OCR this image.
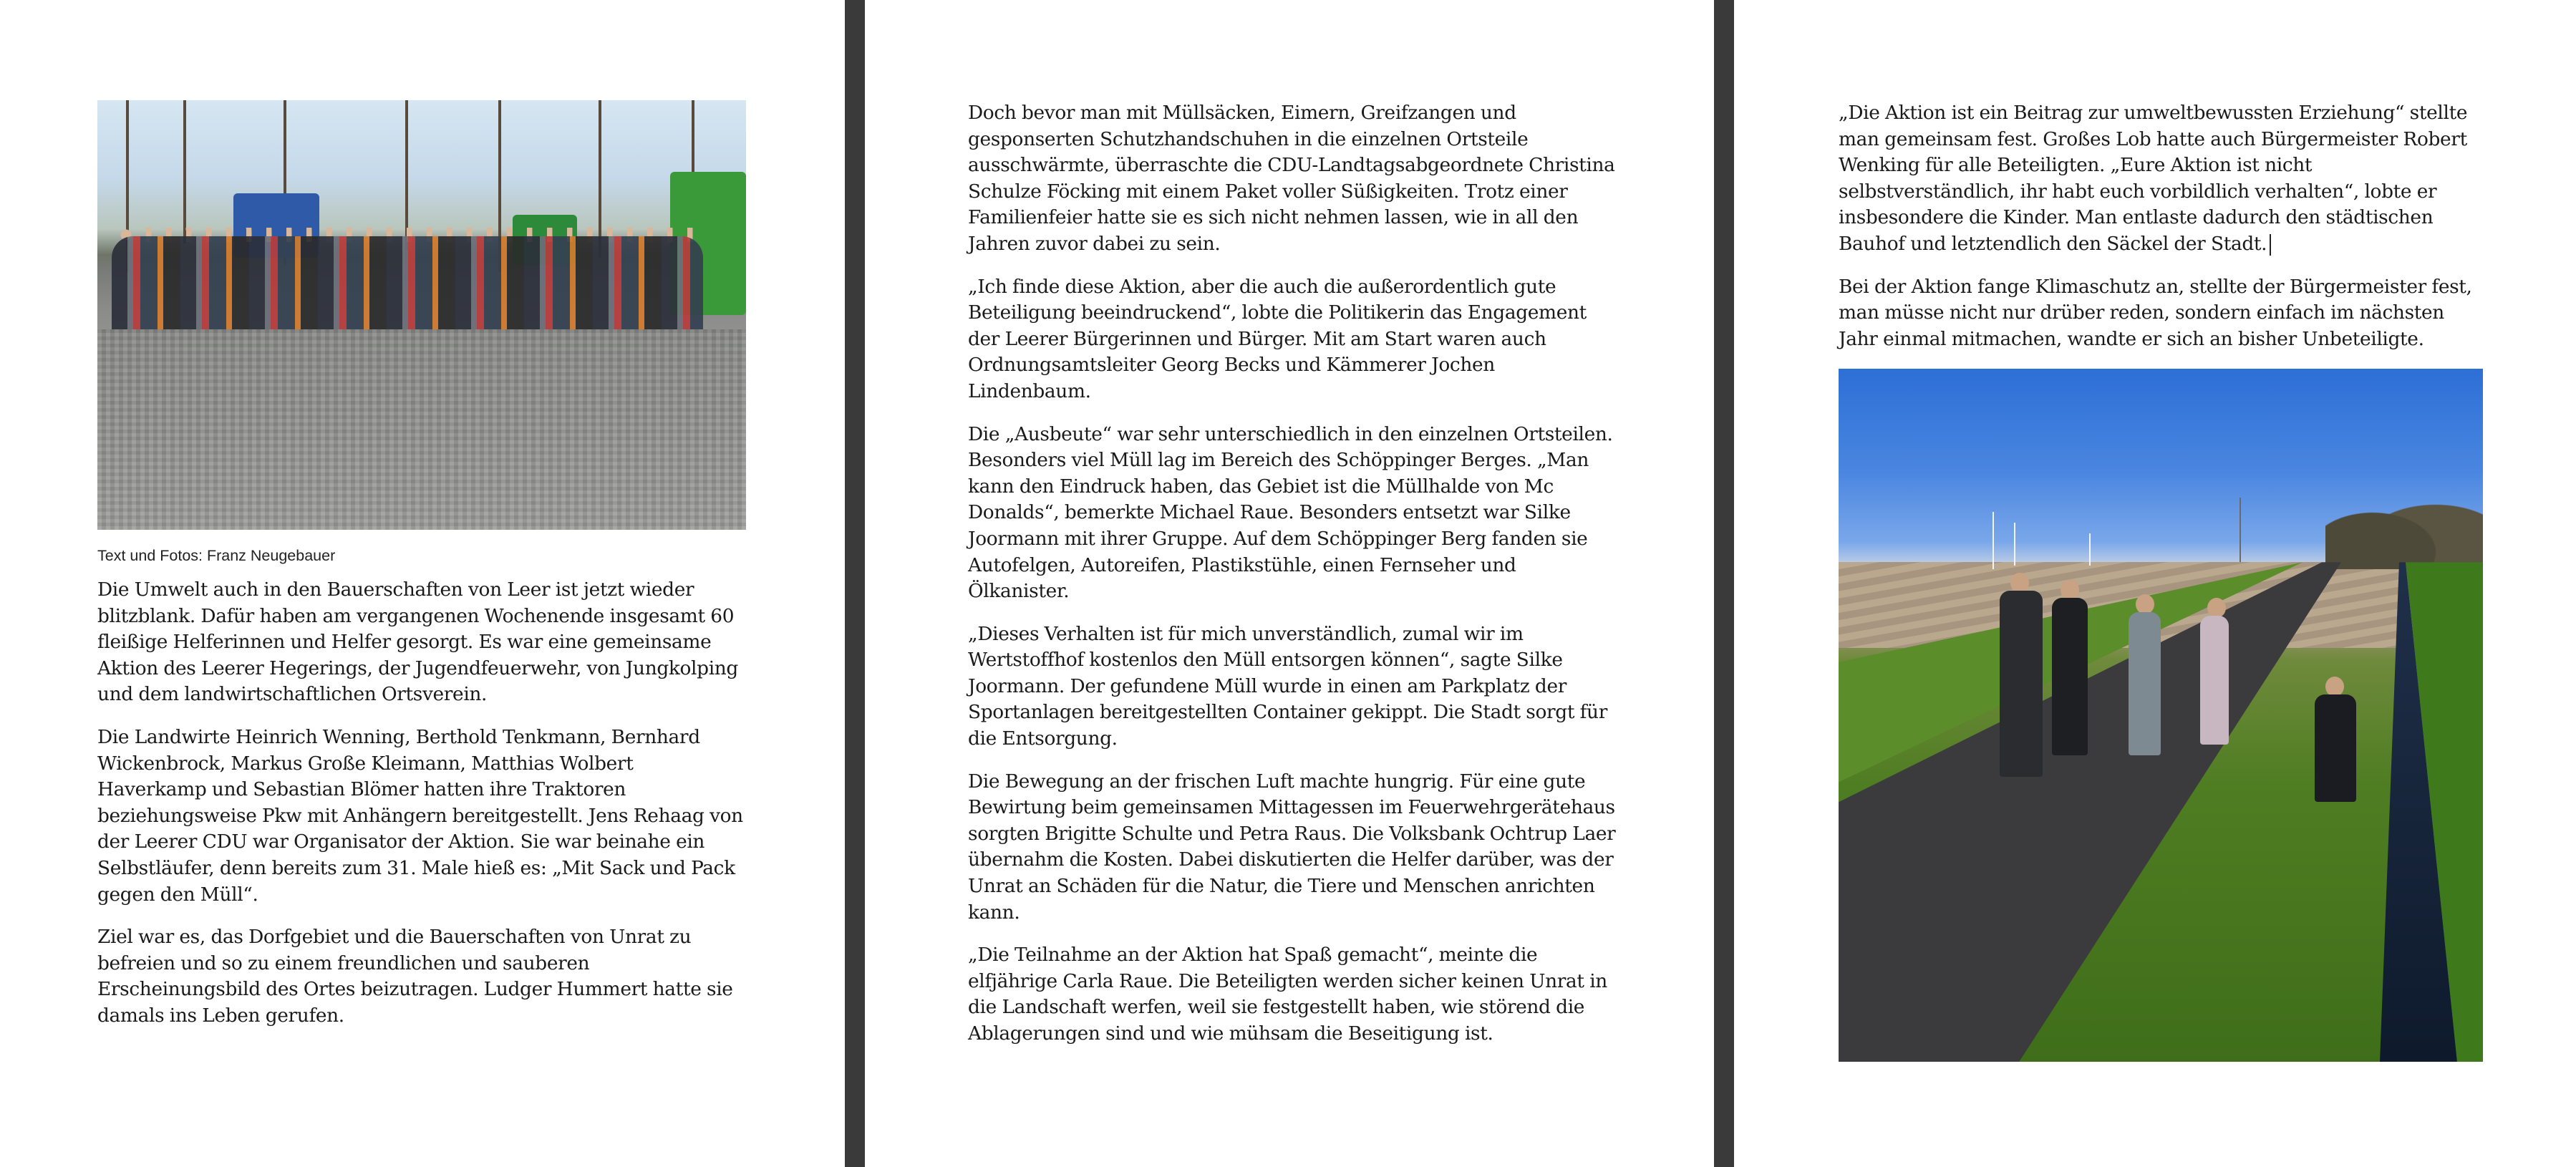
Text und Fotos: Franz Neugebauer

Die Umwelt auch in den Bauerschaften von Leer ist jetzt wieder blitzblank. Dafür haben am vergangenen Wochenende insgesamt 60 fleißige Helferinnen und Helfer gesorgt. Es war eine gemeinsame Aktion des Leerer Hegerings, der Jugendfeuerwehr, von Jungkolping und dem landwirtschaftlichen Ortsverein.

Die Landwirte Heinrich Wenning, Berthold Tenkmann, Bernhard Wickenbrock, Markus Große Kleimann, Matthias Wolbert Haverkamp und Sebastian Blömer hatten ihre Traktoren beziehungsweise Pkw mit Anhängern bereitgestellt. Jens Rehaag von der Leerer CDU war Organisator der Aktion. Sie war beinahe ein Selbstläufer, denn bereits zum 31. Male hieß es: „Mit Sack und Pack gegen den Müll“.

Ziel war es, das Dorfgebiet und die Bauerschaften von Unrat zu befreien und so zu einem freundlichen und sauberen Erscheinungsbild des Ortes beizutragen. Ludger Hummert hatte sie damals ins Leben gerufen.

Doch bevor man mit Müllsäcken, Eimern, Greifzangen und gesponserten Schutzhandschuhen in die einzelnen Ortsteile ausschwärmte, überraschte die CDU-Landtagsabgeordnete Christina Schulze Föcking mit einem Paket voller Süßigkeiten. Trotz einer Familienfeier hatte sie es sich nicht nehmen lassen, wie in all den Jahren zuvor dabei zu sein.

„Ich finde diese Aktion, aber die auch die außerordentlich gute Beteiligung beeindruckend“, lobte die Politikerin das Engagement der Leerer Bürgerinnen und Bürger. Mit am Start waren auch Ordnungsamtsleiter Georg Becks und Kämmerer Jochen Lindenbaum.

Die „Ausbeute“ war sehr unterschiedlich in den einzelnen Ortsteilen. Besonders viel Müll lag im Bereich des Schöppinger Berges. „Man kann den Eindruck haben, das Gebiet ist die Müllhalde von Mc Donalds“, bemerkte Michael Raue. Besonders entsetzt war Silke Joormann mit ihrer Gruppe. Auf dem Schöppinger Berg fanden sie Autofelgen, Autoreifen, Plastikstühle, einen Fernseher und Ölkanister.

„Dieses Verhalten ist für mich unverständlich, zumal wir im Wertstoffhof kostenlos den Müll entsorgen können“, sagte Silke Joormann. Der gefundene Müll wurde in einen am Parkplatz der Sportanlagen bereitgestellten Container gekippt. Die Stadt sorgt für die Entsorgung.

Die Bewegung an der frischen Luft machte hungrig. Für eine gute Bewirtung beim gemeinsamen Mittagessen im Feuerwehrgerätehaus sorgten Brigitte Schulte und Petra Raus. Die Volksbank Ochtrup Laer übernahm die Kosten. Dabei diskutierten die Helfer darüber, was der Unrat an Schäden für die Natur, die Tiere und Menschen anrichten kann.

„Die Teilnahme an der Aktion hat Spaß gemacht“, meinte die elfjährige Carla Raue. Die Beteiligten werden sicher keinen Unrat in die Landschaft werfen, weil sie festgestellt haben, wie störend die Ablagerungen sind und wie mühsam die Beseitigung ist.

„Die Aktion ist ein Beitrag zur umweltbewussten Erziehung“ stellte man gemeinsam fest. Großes Lob hatte auch Bürgermeister Robert Wenking für alle Beteiligten. „Eure Aktion ist nicht selbstverständlich, ihr habt euch vorbildlich verhalten“, lobte er insbesondere die Kinder. Man entlaste dadurch den städtischen Bauhof und letztendlich den Säckel der Stadt.

Bei der Aktion fange Klimaschutz an, stellte der Bürgermeister fest, man müsse nicht nur drüber reden, sondern einfach im nächsten Jahr einmal mitmachen, wandte er sich an bisher Unbeteiligte.
